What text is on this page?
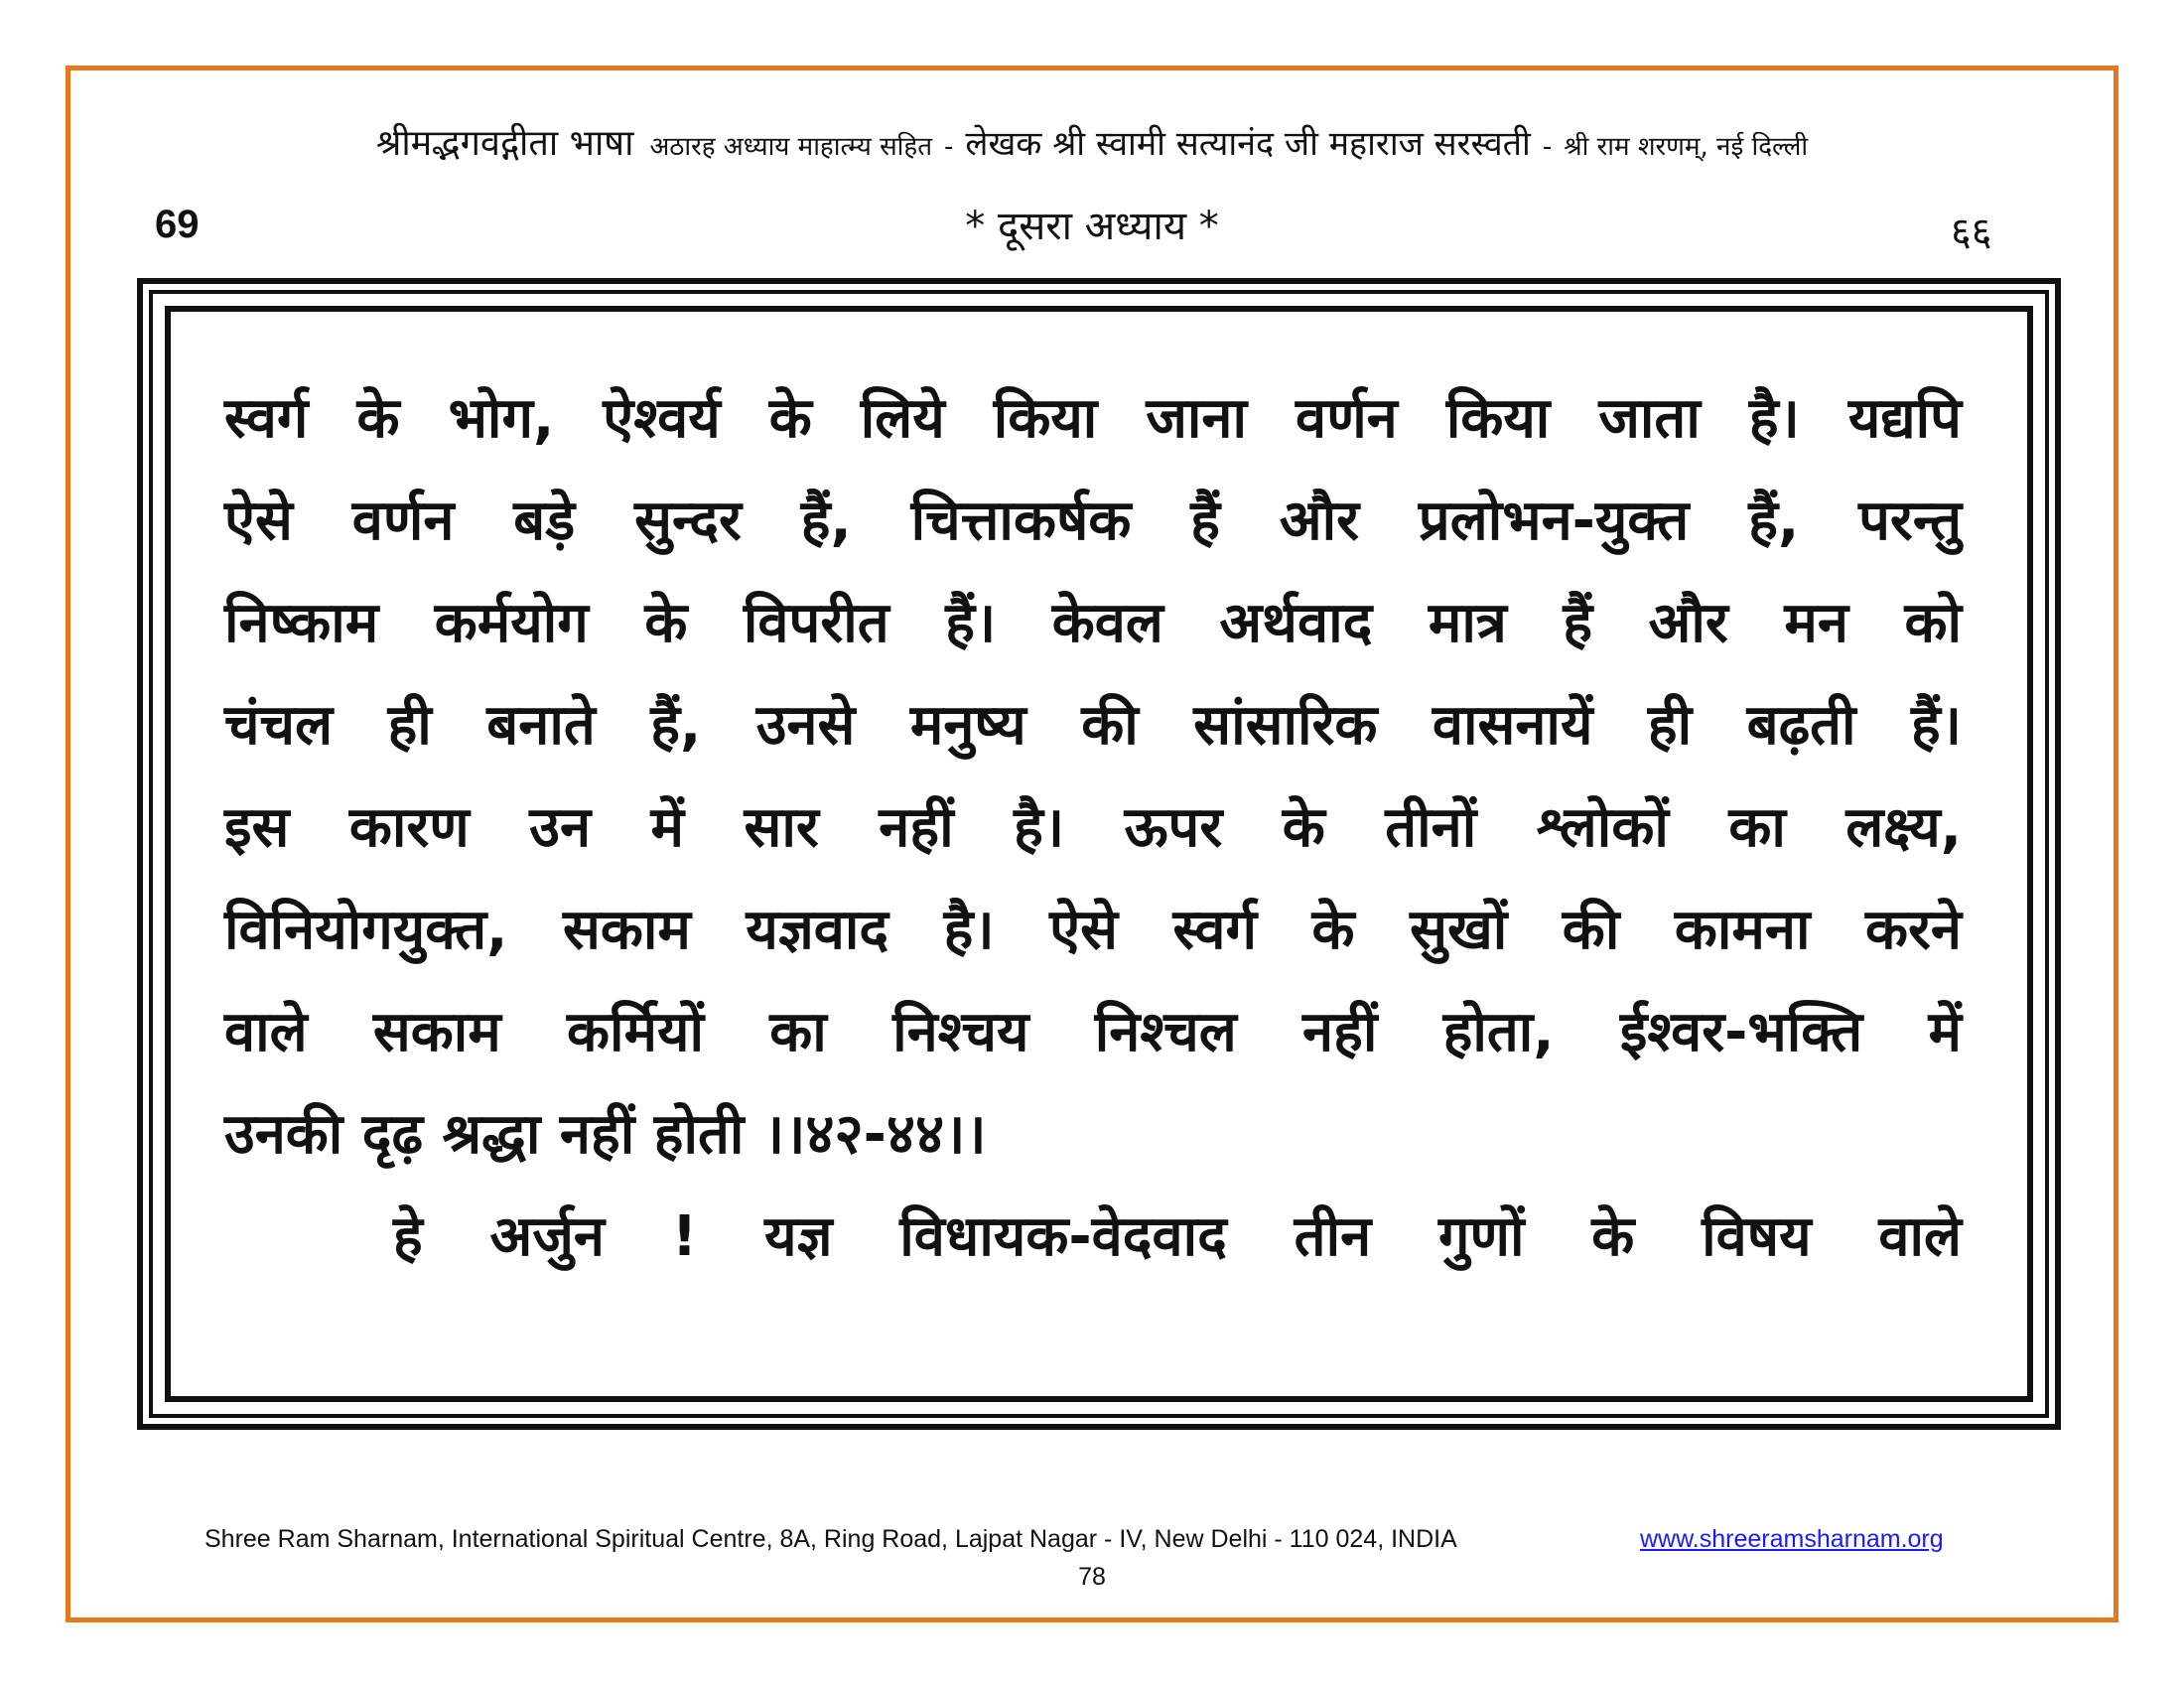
श्रीमद्भगवद्गीता भाषा अठारह अध्याय माहात्म्य सहित - लेखक श्री स्वामी सत्यानंद जी महाराज सरस्वती - श्री राम शरणम्, नई दिल्ली
69	* दूसरा अध्याय *	६६
स्वर्ग के भोग, ऐश्वर्य के लिये किया जाना वर्णन किया जाता है। यद्यपि
ऐसे वर्णन बड़े सुन्दर हैं, चित्ताकर्षक हैं और प्रलोभन-युक्त हैं, परन्तु
निष्काम कर्मयोग के विपरीत हैं। केवल अर्थवाद मात्र हैं और मन को
चंचल ही बनाते हैं, उनसे मनुष्य की सांसारिक वासनायें ही बढ़ती हैं।
इस कारण उन में सार नहीं है। ऊपर के तीनों श्लोकों का लक्ष्य,
विनियोगयुक्त, सकाम यज्ञवाद है। ऐसे स्वर्ग के सुखों की कामना करने
वाले सकाम कर्मियों का निश्चय निश्चल नहीं होता, ईश्वर-भक्ति में
उनकी दृढ़ श्रद्धा नहीं होती ।।४२-४४।।
हे अर्जुन ! यज्ञ विधायक-वेदवाद तीन गुणों के विषय वाले
Shree Ram Sharnam, International Spiritual Centre, 8A, Ring Road, Lajpat Nagar - IV, New Delhi - 110 024, INDIA	www.shreeramsharnam.org
78
